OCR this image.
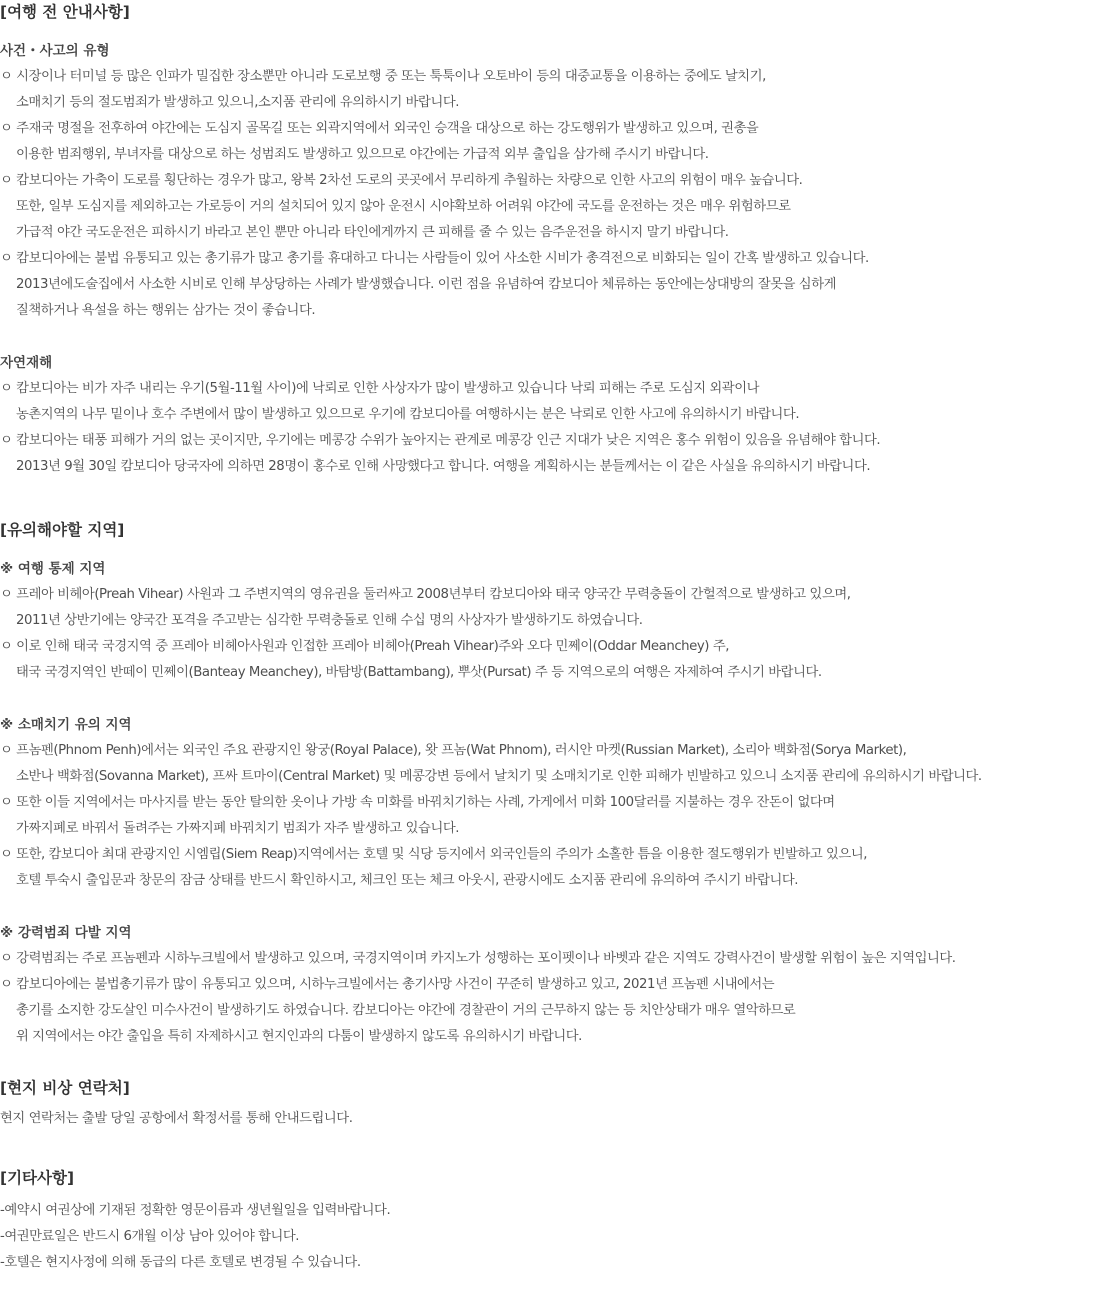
[여행 전 안내사항]
사건・사고의 유형

ㅇ 시장이나 터미널 등 많은 인파가 밀집한 장소뿐만 아니라 도로보행 중 또는 툭툭이나 오토바이 등의 대중교통을 이용하는 중에도 날치기,

소매치기 등의 절도범죄가 발생하고 있으니,소지품 관리에 유의하시기 바랍니다.

ㅇ 주재국 명절을 전후하여 야간에는 도심지 골목길 또는 외곽지역에서 외국인 승객을 대상으로 하는 강도행위가 발생하고 있으며, 권총을

이용한 범죄행위, 부녀자를 대상으로 하는 성범죄도 발생하고 있으므로 야간에는 가급적 외부 출입을 삼가해 주시기 바랍니다.

ㅇ 캄보디아는 가축이 도로를 횡단하는 경우가 많고, 왕복 2차선 도로의 곳곳에서 무리하게 추월하는 차량으로 인한 사고의 위험이 매우 높습니다.

또한, 일부 도심지를 제외하고는 가로등이 거의 설치되어 있지 않아 운전시 시야확보하 어려워 야간에 국도를 운전하는 것은 매우 위험하므로

가급적 야간 국도운전은 피하시기 바라고 본인 뿐만 아니라 타인에게까지 큰 피해를 줄 수 있는 음주운전을 하시지 말기 바랍니다.

ㅇ 캄보디아에는 불법 유통되고 있는 총기류가 많고 총기를 휴대하고 다니는 사람들이 있어 사소한 시비가 총격전으로 비화되는 일이 간혹 발생하고 있습니다.

2013년에도술집에서 사소한 시비로 인해 부상당하는 사례가 발생했습니다. 이런 점을 유념하여 캄보디아 체류하는 동안에는상대방의 잘못을 심하게

질책하거나 욕설을 하는 행위는 삼가는 것이 좋습니다.

자연재해

ㅇ 캄보디아는 비가 자주 내리는 우기(5월-11월 사이)에 낙뢰로 인한 사상자가 많이 발생하고 있습니다 낙뢰 피해는 주로 도심지 외곽이나

농촌지역의 나무 밑이나 호수 주변에서 많이 발생하고 있으므로 우기에 캄보디아를 여행하시는 분은 낙뢰로 인한 사고에 유의하시기 바랍니다.

ㅇ 캄보디아는 태풍 피해가 거의 없는 곳이지만, 우기에는 메콩강 수위가 높아지는 관계로 메콩강 인근 지대가 낮은 지역은 홍수 위험이 있음을 유념해야 합니다.

2013년 9월 30일 캄보디아 당국자에 의하면 28명이 홍수로 인해 사망했다고 합니다. 여행을 계획하시는 분들께서는 이 같은 사실을 유의하시기 바랍니다.

[유의해야할 지역]
※ 여행 통제 지역

ㅇ 프레아 비헤아(Preah Vihear) 사원과 그 주변지역의 영유권을 둘러싸고 2008년부터 캄보디아와 태국 양국간 무력충돌이 간헐적으로 발생하고 있으며,

2011년 상반기에는 양국간 포격을 주고받는 심각한 무력충돌로 인해 수십 명의 사상자가 발생하기도 하였습니다.

ㅇ 이로 인해 태국 국경지역 중 프레아 비헤아사원과 인접한 프레아 비헤아(Preah Vihear)주와 오다 민쩨이(Oddar Meanchey) 주,

태국 국경지역인 반떼이 민쩨이(Banteay Meanchey), 바탐방(Battambang), 뿌삿(Pursat) 주 등 지역으로의 여행은 자제하여 주시기 바랍니다.

※ 소매치기 유의 지역

ㅇ 프놈펜(Phnom Penh)에서는 외국인 주요 관광지인 왕궁(Royal Palace), 왓 프놈(Wat Phnom), 러시안 마켓(Russian Market), 소리아 백화점(Sorya Market),

소반나 백화점(Sovanna Market), 프싸 트마이(Central Market) 및 메콩강변 등에서 날치기 및 소매치기로 인한 피해가 빈발하고 있으니 소지품 관리에 유의하시기 바랍니다.

ㅇ 또한 이들 지역에서는 마사지를 받는 동안 탈의한 옷이나 가방 속 미화를 바꿔치기하는 사례, 가게에서 미화 100달러를 지불하는 경우 잔돈이 없다며

가짜지폐로 바꿔서 돌려주는 가짜지폐 바꿔치기 범죄가 자주 발생하고 있습니다.

ㅇ 또한, 캄보디아 최대 관광지인 시엠립(Siem Reap)지역에서는 호텔 및 식당 등지에서 외국인들의 주의가 소홀한 틈을 이용한 절도행위가 빈발하고 있으니,

호텔 투숙시 출입문과 창문의 잠금 상태를 반드시 확인하시고, 체크인 또는 체크 아웃시, 관광시에도 소지품 관리에 유의하여 주시기 바랍니다.

※ 강력범죄 다발 지역

ㅇ 강력범죄는 주로 프놈펜과 시하누크빌에서 발생하고 있으며, 국경지역이며 카지노가 성행하는 포이펫이나 바벳과 같은 지역도 강력사건이 발생할 위험이 높은 지역입니다.

ㅇ 캄보디아에는 불법총기류가 많이 유통되고 있으며, 시하누크빌에서는 총기사망 사건이 꾸준히 발생하고 있고, 2021년 프놈펜 시내에서는

총기를 소지한 강도살인 미수사건이 발생하기도 하였습니다. 캄보디아는 야간에 경찰관이 거의 근무하지 않는 등 치안상태가 매우 열악하므로

위 지역에서는 야간 출입을 특히 자제하시고 현지인과의 다툼이 발생하지 않도록 유의하시기 바랍니다.

[현지 비상 연락처]

현지 연락처는 출발 당일 공항에서 확정서를 통해 안내드립니다.

[기타사항]

-예약시 여권상에 기재된 정확한 영문이름과 생년월일을 입력바랍니다.

-여권만료일은 반드시 6개월 이상 남아 있어야 합니다.

-호텔은 현지사정에 의해 동급의 다른 호텔로 변경될 수 있습니다.
